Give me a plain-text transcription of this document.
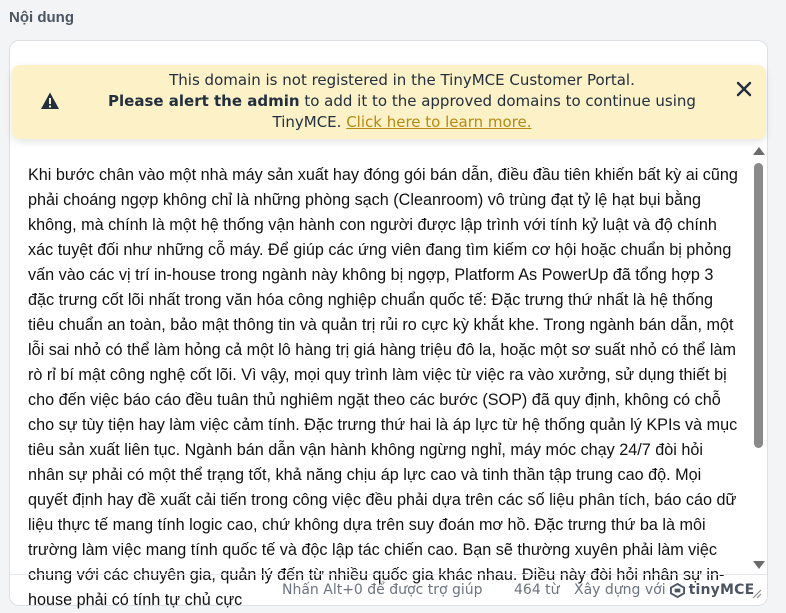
Nội dung
This domain is not registered in the TinyMCE Customer Portal.
Please alert the admin to add it to the approved domains to continue using TinyMCE. Click here to learn more.

Khi bước chân vào một nhà máy sản xuất hay đóng gói bán dẫn, điều đầu tiên khiến bất kỳ ai cũng phải choáng ngợp không chỉ là những phòng sạch (Cleanroom) vô trùng đạt tỷ lệ hạt bụi bằng không, mà chính là một hệ thống vận hành con người được lập trình với tính kỷ luật và độ chính xác tuyệt đối như những cỗ máy. Để giúp các ứng viên đang tìm kiếm cơ hội hoặc chuẩn bị phỏng vấn vào các vị trí in-house trong ngành này không bị ngợp, Platform As PowerUp đã tổng hợp 3 đặc trưng cốt lõi nhất trong văn hóa công nghiệp chuẩn quốc tế: Đặc trưng thứ nhất là hệ thống tiêu chuẩn an toàn, bảo mật thông tin và quản trị rủi ro cực kỳ khắt khe. Trong ngành bán dẫn, một lỗi sai nhỏ có thể làm hỏng cả một lô hàng trị giá hàng triệu đô la, hoặc một sơ suất nhỏ có thể làm rò rỉ bí mật công nghệ cốt lõi. Vì vậy, mọi quy trình làm việc từ việc ra vào xưởng, sử dụng thiết bị cho đến việc báo cáo đều tuân thủ nghiêm ngặt theo các bước (SOP) đã quy định, không có chỗ cho sự tùy tiện hay làm việc cảm tính. Đặc trưng thứ hai là áp lực từ hệ thống quản lý KPIs và mục tiêu sản xuất liên tục. Ngành bán dẫn vận hành không ngừng nghỉ, máy móc chạy 24/7 đòi hỏi nhân sự phải có một thể trạng tốt, khả năng chịu áp lực cao và tinh thần tập trung cao độ. Mọi quyết định hay đề xuất cải tiến trong công việc đều phải dựa trên các số liệu phân tích, báo cáo dữ liệu thực tế mang tính logic cao, chứ không dựa trên suy đoán mơ hồ. Đặc trưng thứ ba là môi trường làm việc mang tính quốc tế và độc lập tác chiến cao. Bạn sẽ thường xuyên phải làm việc chung với các chuyên gia, quản lý đến từ nhiều quốc gia khác nhau. Điều này đòi hỏi nhân sự in-house phải có tính tự chủ cực

Nhấn Alt+0 để được trợ giúp 464 từ Xây dựng với tinyMCE
